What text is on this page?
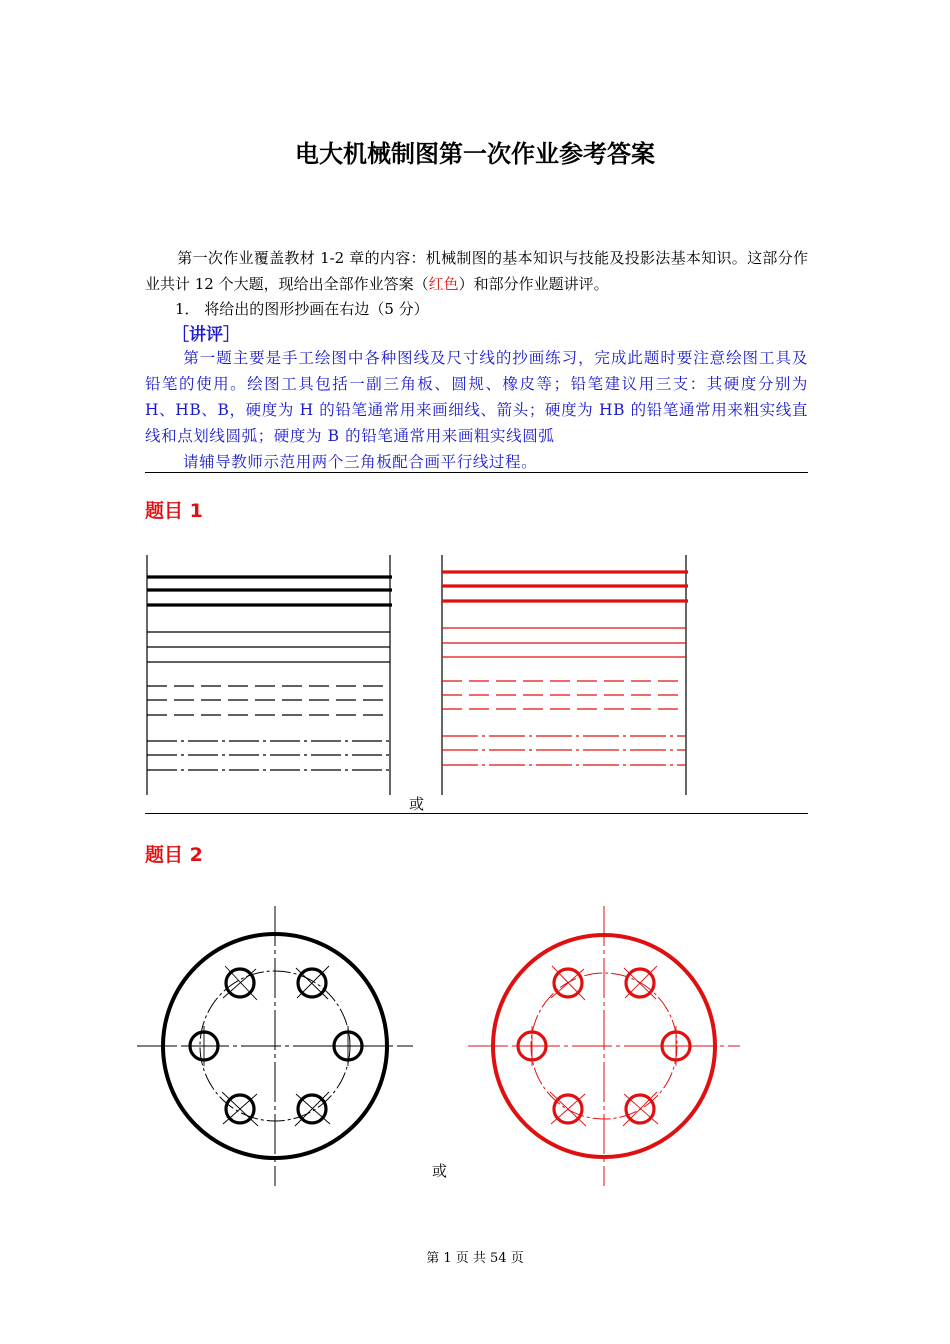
电大机械制图第一次作业参考答案
第一次作业覆盖教材 1-2 章的内容：机械制图的基本知识与技能及投影法基本知识。这部分作业共计 12 个大题，现给出全部作业答案（红色）和部分作业题讲评。
1． 将给出的图形抄画在右边（5 分）
［讲评］
第一题主要是手工绘图中各种图线及尺寸线的抄画练习，完成此题时要注意绘图工具及铅笔的使用。绘图工具包括一副三角板、圆规、橡皮等；铅笔建议用三支：其硬度分别为 H、HB、B，硬度为 H 的铅笔通常用来画细线、箭头；硬度为 HB 的铅笔通常用来粗实线直线和点划线圆弧；硬度为 B 的铅笔通常用来画粗实线圆弧
请辅导教师示范用两个三角板配合画平行线过程。
题目 1
或
题目 2
或
第 1 页 共 54 页
